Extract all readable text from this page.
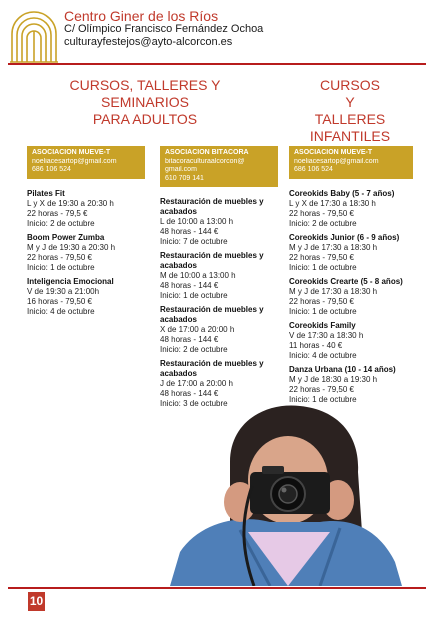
Centro Giner de los Ríos
C/ Olímpico Francisco Fernández Ochoa
culturayfestejos@ayto-alcorcon.es
CURSOS, TALLERES Y SEMINARIOS
PARA ADULTOS
CURSOS
Y
TALLERES
INFANTILES
ASOCIACIÓN MUEVE-T
noeliacesartop@gmail.com
686 106 524
Pilates Fit
L y X de 19:30 a 20:30 h
22 horas - 79,5 €
Inicio: 2 de octubre
Boom Power Zumba
M y J de 19:30 a 20:30 h
22 horas - 79,50 €
Inicio: 1 de octubre
Inteligencia Emocional
V de 19:30 a 21:00h
16 horas - 79,50 €
Inicio: 4 de octubre
ASOCIACIÓN BITÁCORA
bitacoraculturaalcorcon@
gmail.com
610 709 141
Restauración de muebles y acabados
L de 10:00 a 13:00 h
48 horas - 144 €
Inicio: 7 de octubre
Restauración de muebles y acabados
M de 10:00 a 13:00 h
48 horas - 144 €
Inicio: 1 de octubre
Restauración de muebles y acabados
X de 17:00 a 20:00 h
48 horas - 144 €
Inicio: 2 de octubre
Restauración de muebles y acabados
J de 17:00 a 20:00 h
48 horas - 144 €
Inicio: 3 de octubre
ASOCIACIÓN MUEVE-T
noeliacesartop@gmail.com
686 106 524
Coreokids Baby (5 - 7 años)
L y X de 17:30 a 18:30 h
22 horas - 79,50 €
Inicio: 2 de octubre
Coreokids Junior (6 - 9 años)
M y J de 17:30 a 18:30 h
22 horas - 79,50 €
Inicio: 1 de octubre
Coreokids Crearte (5 - 8 años)
M y J de 17:30 a 18:30 h
22 horas - 79,50 €
Inicio: 1 de octubre
Coreokids Family
V de 17:30 a 18:30 h
11 horas - 40 €
Inicio: 4 de octubre
Danza Urbana (10 - 14 años)
M y J de 18:30 a 19:30 h
22 horas - 79,50 €
Inicio: 1 de octubre
10
